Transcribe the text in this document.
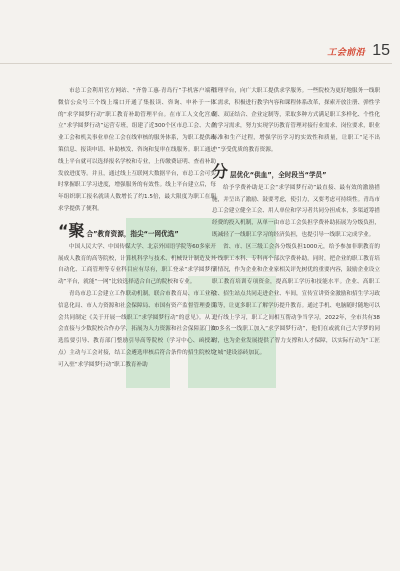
工会前沿 15

市总工会利用官方网站、“齐鲁工惠·青岛行”手机客户端和微信公众号三个线上端口开通了集报读、咨询、申补于一体的“求学圆梦行动”职工教育补助管理平台。在市工人文化宫成立“求学圆梦行动”运营专班，组建了近300个区市总工会、大企业工会和机关事业单位工会在线审核的服务体系，为职工提供政策信息、报读申请、补助核发、咨询和复审在线服务。职工通过线上平台就可以选择报名学校和专业，上传缴费证明、查看补助发放进度等。并且，通过线上互联网大数据平台，市总工会可实时掌握职工学习进度，增强服务的有效性。线上平台建立后，每年组织职工报名就读人数增长了约1.5倍，最大限度为职工在职求学提供了便利。

“聚 合”教育资源，指尖“一网优选”

中国人民大学、中国传媒大学、北京外国语学院等60多家开展成人教育的高等院校，计算机科学与技术、机械设计制造及其自动化、工商管理等专业科目应有尽有，职工登录“求学圆梦行动”平台，就能“一网”比较选择适合自己的院校和专业。

青岛市总工会建立工作联动机制，联合市教育局、市工业和信息化局、市人力资源和社会保障局、市国有资产监督管理委员会共同制定《关于开展一线职工“求学圆梦行动”的意见》。从工会直接与少数院校合作办学，拓展为人力资源和社会保障部门饮选监要引导、教育部门整励引导高等院校（学习中心、函授站点）主动与工会对接，结工会遴选审核后符合条件的招生院校均可入驻“求学圆梦行动”职工教育补助

管理平台，向广大职工提供求学服务。一些院校为更好地服务一线职工需求，积极进行教学内容和课程体系改革，探索开放注册、弹性学制、双证结合、企业定制等，采取多种方式满足职工多样化、个性化的学习需求，努力实现学历教育管理对接行业需求、岗位要求，职业标准和生产过程，增强学历学习的实效性和质量，让职工“足不出户”享受优质的教育资源。

分 层优化“供血”，全时段当“学员”

给予学费补助是工会“求学圆梦行动”最直接、最有效的激励措施，并呈出了激励、鼓要考虑，使引力，又要考虑可持续性。青岛市总工会建立健全工会、用人单位和学习者共同分担成本，多渠道筹措经费的投入机制，从单一由市总工会负担学费补助拓展为分级负担，既减轻了一线职工学习的经济负担，也提引导一线职工完成学业。

省、市、区三级工会各分级负担1000元，给予参加非职教育的一线职工本科、专科再个部次学费补助。同时，把企业的职工教育培训情况，作为企业和企业家相关评先树优的重要内容，鼓励企业设立职工教育培训专项资金，提高职工学历和技能水平。企业、高职工会、招生站点共同走进企业、车间，宣传宣讲资金激励和招生学习政策等，让更多职工了解学历提升教育。通过手机、电脑随时随地可以进行线上学习，职工之间相互帮动争当学习。2022年，全市共有3800多名一线职工加入“求学圆梦行动”，他们在或就自己大学梦的同时，也为企业发展提供了智力支撑和人才保障，以实际行动为“工匠之城”建设添砖加瓦。
